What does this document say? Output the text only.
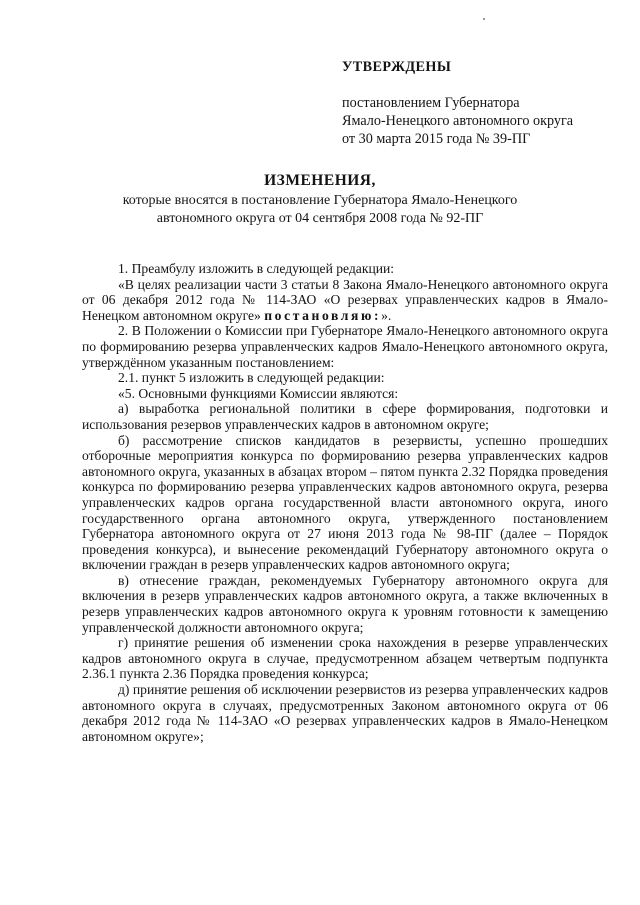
УТВЕРЖДЕНЫ
постановлением Губернатора
Ямало-Ненецкого автономного округа
от 30 марта 2015 года № 39-ПГ
ИЗМЕНЕНИЯ,
которые вносятся в постановление Губернатора Ямало-Ненецкого
автономного округа от 04 сентября 2008 года № 92-ПГ

1. Преамбулу изложить в следующей редакции:

«В целях реализации части 3 статьи 8 Закона Ямало-Ненецкого автономного округа от 06 декабря 2012 года № 114-ЗАО «О резервах управленческих кадров в Ямало-Ненецком автономном округе» постановляю:».

2. В Положении о Комиссии при Губернаторе Ямало-Ненецкого автономного округа по формированию резерва управленческих кадров Ямало-Ненецкого автономного округа, утверждённом указанным постановлением:

2.1. пункт 5 изложить в следующей редакции:

«5. Основными функциями Комиссии являются:

а) выработка региональной политики в сфере формирования, подготовки и использования резервов управленческих кадров в автономном округе;

б) рассмотрение списков кандидатов в резервисты, успешно прошедших отборочные мероприятия конкурса по формированию резерва управленческих кадров автономного округа, указанных в абзацах втором – пятом пункта 2.32 Порядка проведения конкурса по формированию резерва управленческих кадров автономного округа, резерва управленческих кадров органа государственной власти автономного округа, иного государственного органа автономного округа, утвержденного постановлением Губернатора автономного округа от 27 июня 2013 года № 98-ПГ (далее – Порядок проведения конкурса), и вынесение рекомендаций Губернатору автономного округа о включении граждан в резерв управленческих кадров автономного округа;

в) отнесение граждан, рекомендуемых Губернатору автономного округа для включения в резерв управленческих кадров автономного округа, а также включенных в резерв управленческих кадров автономного округа к уровням готовности к замещению управленческой должности автономного округа;

г) принятие решения об изменении срока нахождения в резерве управленческих кадров автономного округа в случае, предусмотренном абзацем четвертым подпункта 2.36.1 пункта 2.36 Порядка проведения конкурса;

д) принятие решения об исключении резервистов из резерва управленческих кадров автономного округа в случаях, предусмотренных Законом автономного округа от 06 декабря 2012 года № 114-ЗАО «О резервах управленческих кадров в Ямало-Ненецком автономном округе»;
